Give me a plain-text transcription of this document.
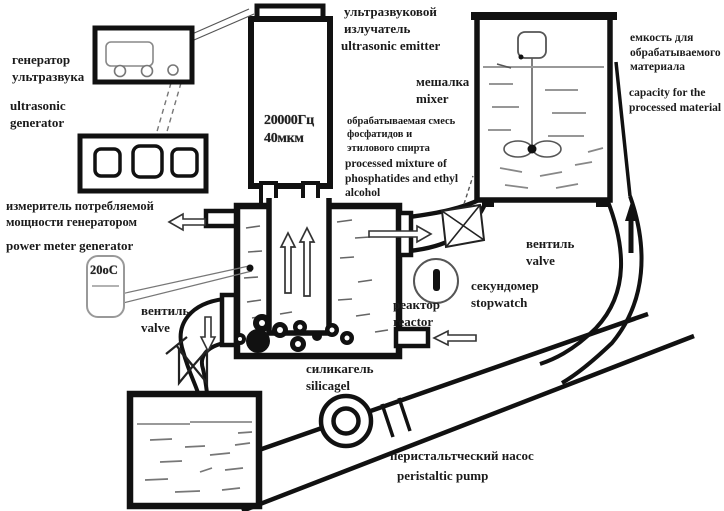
генератор
ультразвука
ultrasonic
generator
измеритель потребляемой
мощности генератором
power meter generator
20оС
ультразвуковой
излучатель
ultrasonic emitter
20000Гц
40мкм
обрабатываемая смесь
фосфатидов и
этилового спирта
processed mixture of
phosphatides and ethyl
alcohol
мешалка
mixer
емкость для
обрабатываемого
материала
capacity for the
processed material
вентиль
valve
секундомер
stopwatch
реактор
reactor
вентиль
valve
силикагель
silicagel
перистальтческий насос
peristaltic pump
